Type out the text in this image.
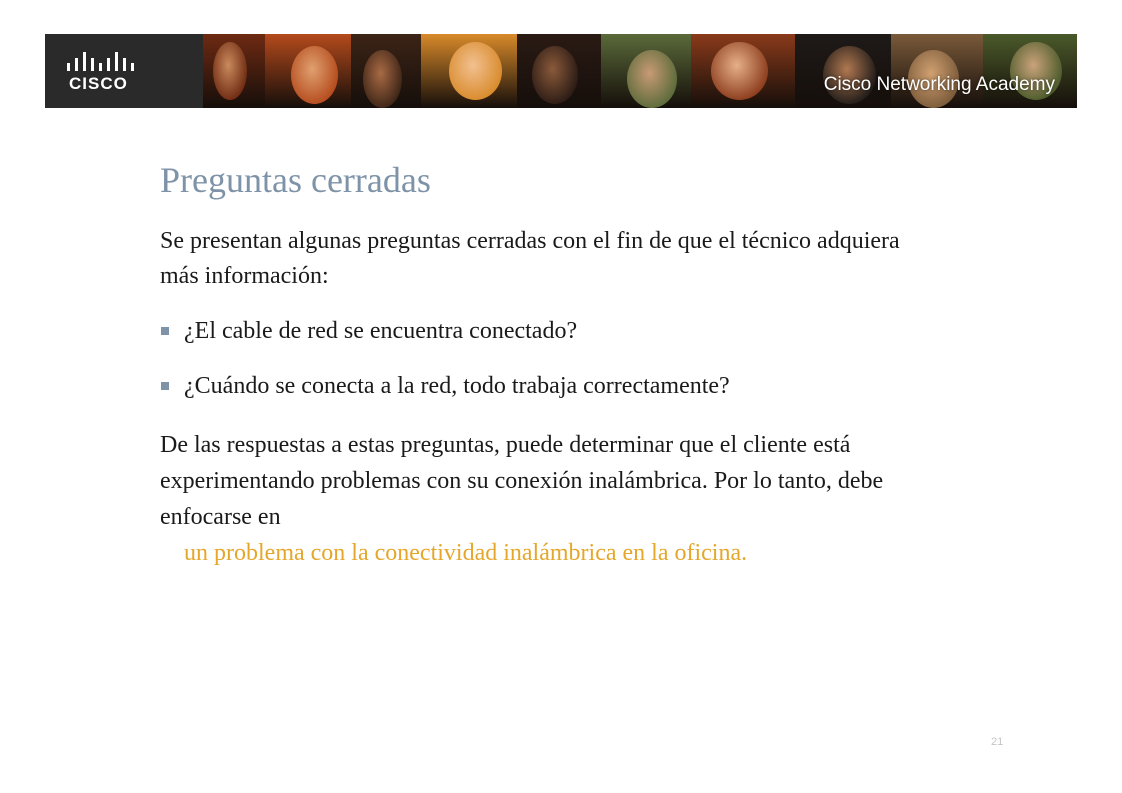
CISCO	Cisco Networking Academy
Preguntas cerradas

Se presentan algunas preguntas cerradas con el fin de que el técnico adquiera más información:

¿El cable de red se encuentra conectado?
¿Cuándo se conecta a la red, todo trabaja correctamente?

De las respuestas a estas preguntas, puede determinar que el cliente está experimentando problemas con su conexión inalámbrica. Por lo tanto, debe enfocarse en

un problema con la conectividad inalámbrica en la oficina.

21
